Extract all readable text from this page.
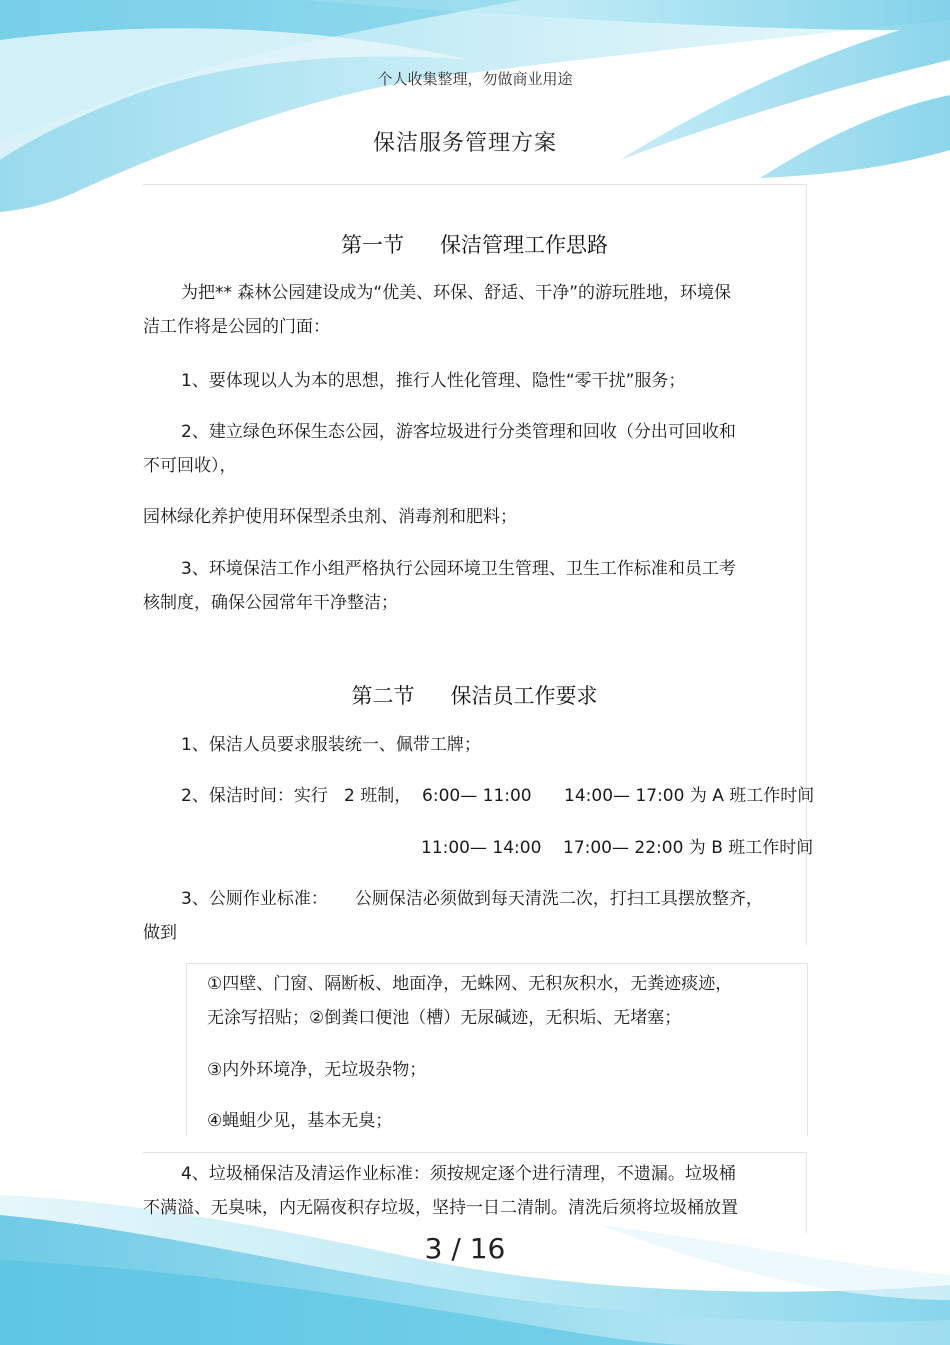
个人收集整理，勿做商业用途
保洁服务管理方案
第一节 保洁管理工作思路
为把** 森林公园建设成为“优美、环保、舒适、干净”的游玩胜地，环境保
洁工作将是公园的门面：
1、要体现以人为本的思想，推行人性化管理、隐性“零干扰”服务；
2、建立绿色环保生态公园，游客垃圾进行分类管理和回收（分出可回收和
不可回收），
园林绿化养护使用环保型杀虫剂、消毒剂和肥料；
3、环境保洁工作小组严格执行公园环境卫生管理、卫生工作标准和员工考
核制度，确保公园常年干净整洁；
第二节 保洁员工作要求
1、保洁人员要求服装统一、佩带工牌；
2、保洁时间：实行   2 班制，  6:00— 11:00      14:00— 17:00 为 A 班工作时间
11:00— 14:00    17:00— 22:00 为 B 班工作时间
3、公厕作业标准：     公厕保洁必须做到每天清洗二次，打扫工具摆放整齐，
做到
①四壁、门窗、隔断板、地面净，无蛛网、无积灰积水，无粪迹痰迹，
无涂写招贴；②倒粪口便池（槽）无尿碱迹，无积垢、无堵塞；
③内外环境净，无垃圾杂物；
④蝇蛆少见，基本无臭；
4、垃圾桶保洁及清运作业标准：须按规定逐个进行清理，不遗漏。垃圾桶
不满溢、无臭味，内无隔夜积存垃圾，坚持一日二清制。清洗后须将垃圾桶放置
3 / 16
